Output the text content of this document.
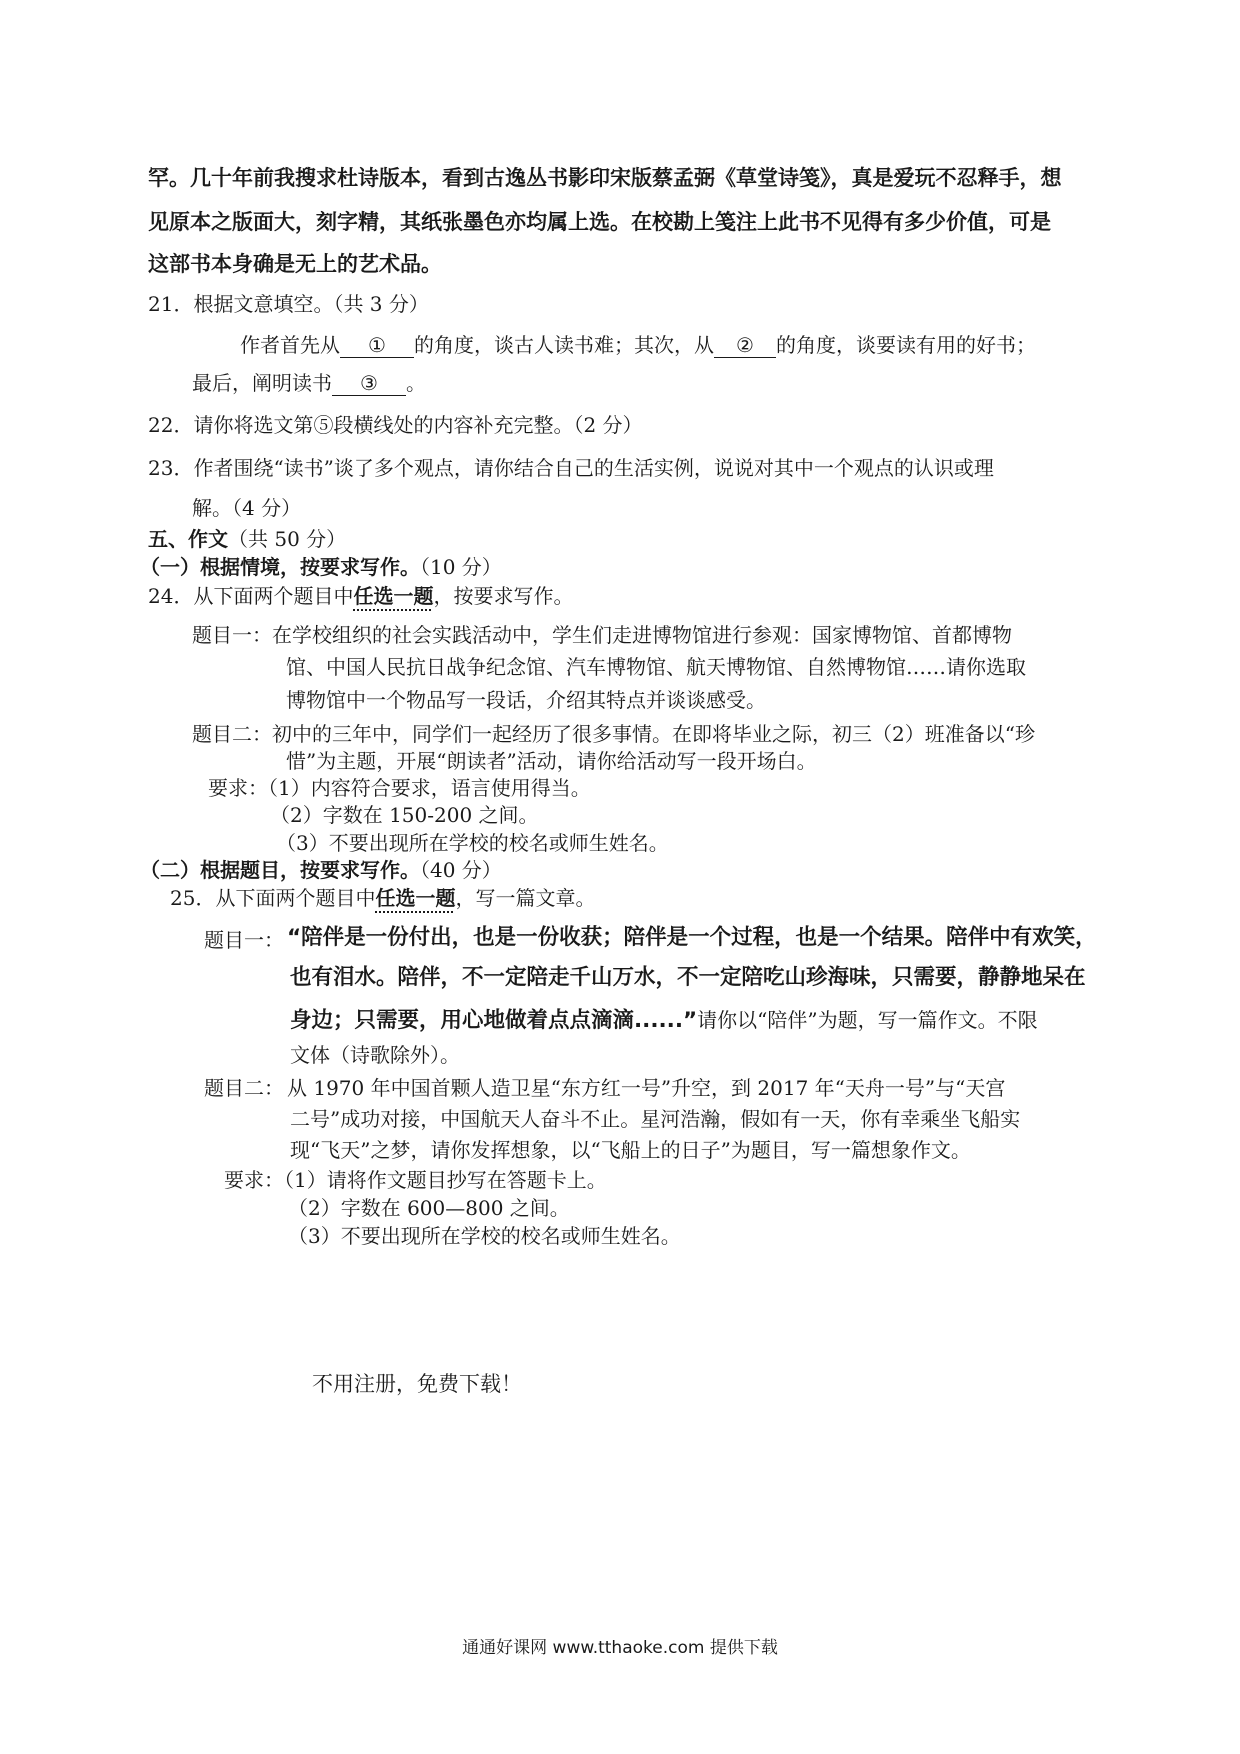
罕。几十年前我搜求杜诗版本，看到古逸丛书影印宋版蔡孟弼《草堂诗笺》，真是爱玩不忍释手，想
见原本之版面大，刻字精，其纸张墨色亦均属上选。在校勘上笺注上此书不见得有多少价值，可是
这部书本身确是无上的艺术品。
21．根据文意填空。（共 3 分）
作者首先从 ① 的角度，谈古人读书难；其次，从 ② 的角度，谈要读有用的好书；
最后，阐明读书 ③ 。
22．请你将选文第⑤段横线处的内容补充完整。（2 分）
23．作者围绕“读书”谈了多个观点，请你结合自己的生活实例，说说对其中一个观点的认识或理
解。（4 分）
五、作文（共 50 分）
（一）根据情境，按要求写作。（10 分）
24．从下面两个题目中任选一题，按要求写作。
题目一：在学校组织的社会实践活动中，学生们走进博物馆进行参观：国家博物馆、首都博物
馆、中国人民抗日战争纪念馆、汽车博物馆、航天博物馆、自然博物馆……请你选取
博物馆中一个物品写一段话，介绍其特点并谈谈感受。
题目二：初中的三年中，同学们一起经历了很多事情。在即将毕业之际，初三（2）班准备以“珍
惜”为主题，开展“朗读者”活动，请你给活动写一段开场白。
要求：（1）内容符合要求，语言使用得当。
（2）字数在 150-200 之间。
（3）不要出现所在学校的校名或师生姓名。
（二）根据题目，按要求写作。（40 分）
25．从下面两个题目中任选一题，写一篇文章。
题目一： “陪伴是一份付出，也是一份收获；陪伴是一个过程，也是一个结果。陪伴中有欢笑，
也有泪水。陪伴，不一定陪走千山万水，不一定陪吃山珍海味，只需要，静静地呆在
身边；只需要，用心地做着点点滴滴......”请你以“陪伴”为题，写一篇作文。不限
文体（诗歌除外）。
题目二： 从 1970 年中国首颗人造卫星“东方红一号”升空，到 2017 年“天舟一号”与“天宫
二号”成功对接，中国航天人奋斗不止。星河浩瀚，假如有一天，你有幸乘坐飞船实
现“飞天”之梦，请你发挥想象，以“飞船上的日子”为题目，写一篇想象作文。
要求：（1）请将作文题目抄写在答题卡上。
（2）字数在 600—800 之间。
（3）不要出现所在学校的校名或师生姓名。
不用注册，免费下载！
通通好课网 www.tthaoke.com 提供下载
